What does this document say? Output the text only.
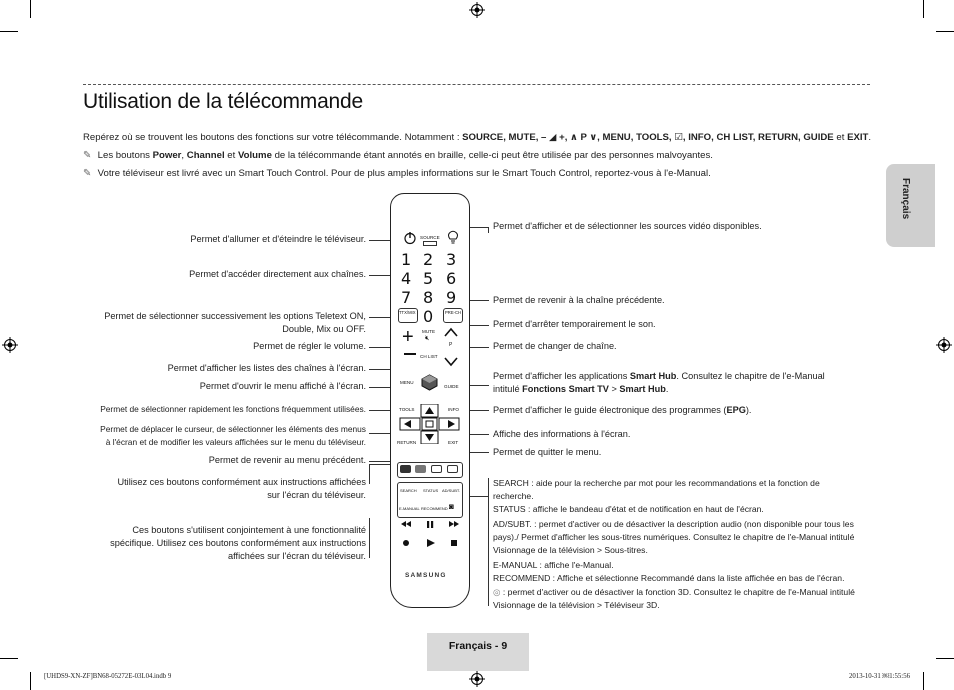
Utilisation de la télécommande
Français
Repérez où se trouvent les boutons des fonctions sur votre télécommande. Notamment : SOURCE, MUTE, – ◢ +, ∧ P ∨, MENU, TOOLS, ☑, INFO, CH LIST, RETURN, GUIDE et EXIT.
✎ Les boutons Power, Channel et Volume de la télécommande étant annotés en braille, celle-ci peut être utilisée par des personnes malvoyantes.
✎ Votre téléviseur est livré avec un Smart Touch Control. Pour de plus amples informations sur le Smart Touch Control, reportez-vous à l'e-Manual.
Permet d'allumer et d'éteindre le téléviseur.
Permet d'accéder directement aux chaînes.
Permet de sélectionner successivement les options Teletext ON,
Double, Mix ou OFF.
Permet de régler le volume.
Permet d'afficher les listes des chaînes à l'écran.
Permet d'ouvrir le menu affiché à l'écran.
Permet de sélectionner rapidement les fonctions fréquemment utilisées.
Permet de déplacer le curseur, de sélectionner les éléments des menus
à l'écran et de modifier les valeurs affichées sur le menu du téléviseur.
Permet de revenir au menu précédent.
Utilisez ces boutons conformément aux instructions affichées
sur l'écran du téléviseur.
Ces boutons s'utilisent conjointement à une fonctionnalité
spécifique. Utilisez ces boutons conformément aux instructions
affichées sur l'écran du téléviseur.
Permet d'afficher et de sélectionner les sources vidéo disponibles.
Permet de revenir à la chaîne précédente.
Permet d'arrêter temporairement le son.
Permet de changer de chaîne.
Permet d'afficher les applications Smart Hub. Consultez le chapitre de l'e-Manual
intitulé Fonctions Smart TV > Smart Hub.
Permet d'afficher le guide électronique des programmes (EPG).
Affiche des informations à l'écran.
Permet de quitter le menu.
SEARCH : aide pour la recherche par mot pour les recommandations et la fonction de
recherche.
STATUS : affiche le bandeau d'état et de notification en haut de l'écran.
AD/SUBT. : permet d'activer ou de désactiver la description audio (non disponible pour tous les
pays)./ Permet d'afficher les sous-titres numériques. Consultez le chapitre de l'e-Manual intitulé
Visionnage de la télévision > Sous-titres.
E-MANUAL : affiche l'e-Manual.
RECOMMEND : Affiche et sélectionne Recommandé dans la liste affichée en bas de l'écran.
◎ : permet d'activer ou de désactiver la fonction 3D. Consultez le chapitre de l'e-Manual intitulé
Visionnage de la télévision > Téléviseur 3D.
SOURCE
1 2 3
4 5 6
7 8 9
0
TTX/MIX	PRE-CH
+ MUTE
🔇︎
P
CH LIST
MENU
GUIDE
TOOLS	INFO
RETURN	EXIT
SEARCH STATUS AD/SUBT.
E-MANUAL RECOMMEND ◙
SAMSUNG
Français - 9
[UHDS9-XN-ZF]BN68-05272E-03L04.indb 9	2013-10-31 ￼1:55:56
